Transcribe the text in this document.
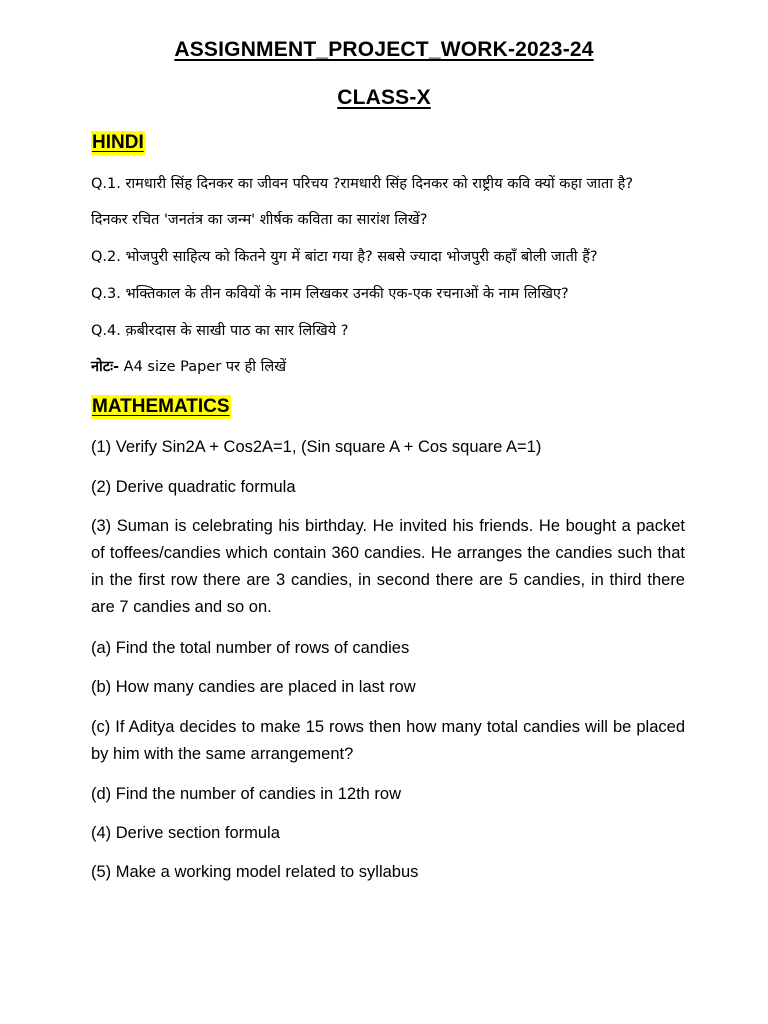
ASSIGNMENT_PROJECT_WORK-2023-24
CLASS-X
HINDI
Q.1. रामधारी सिंह दिनकर का जीवन परिचय ?रामधारी सिंह दिनकर को राष्ट्रीय कवि क्यों कहा जाता है?
दिनकर रचित 'जनतंत्र का जन्म' शीर्षक कविता का सारांश लिखें?
Q.2. भोजपुरी साहित्य को कितने युग में बांटा गया है? सबसे ज्यादा भोजपुरी कहाँ बोली जाती हैं?
Q.3. भक्तिकाल के तीन कवियों के नाम लिखकर उनकी एक-एक रचनाओं के नाम लिखिए?
Q.4. क़बीरदास के साखी पाठ का सार लिखिये ?
नोटः- A4 size Paper पर ही लिखें
MATHEMATICS
(1) Verify Sin2A + Cos2A=1, (Sin square A + Cos square A=1)
(2) Derive quadratic formula
(3) Suman is celebrating his birthday. He invited his friends. He bought a packet of toffees/candies which contain 360 candies. He arranges the candies such that in the first row there are 3 candies, in second there are 5 candies, in third there are 7 candies and so on.
(a) Find the total number of rows of candies
(b) How many candies are placed in last row
(c) If Aditya decides to make 15 rows then how many total candies will be placed by him with the same arrangement?
(d) Find the number of candies in 12th row
(4) Derive section formula
(5) Make a working model related to syllabus
